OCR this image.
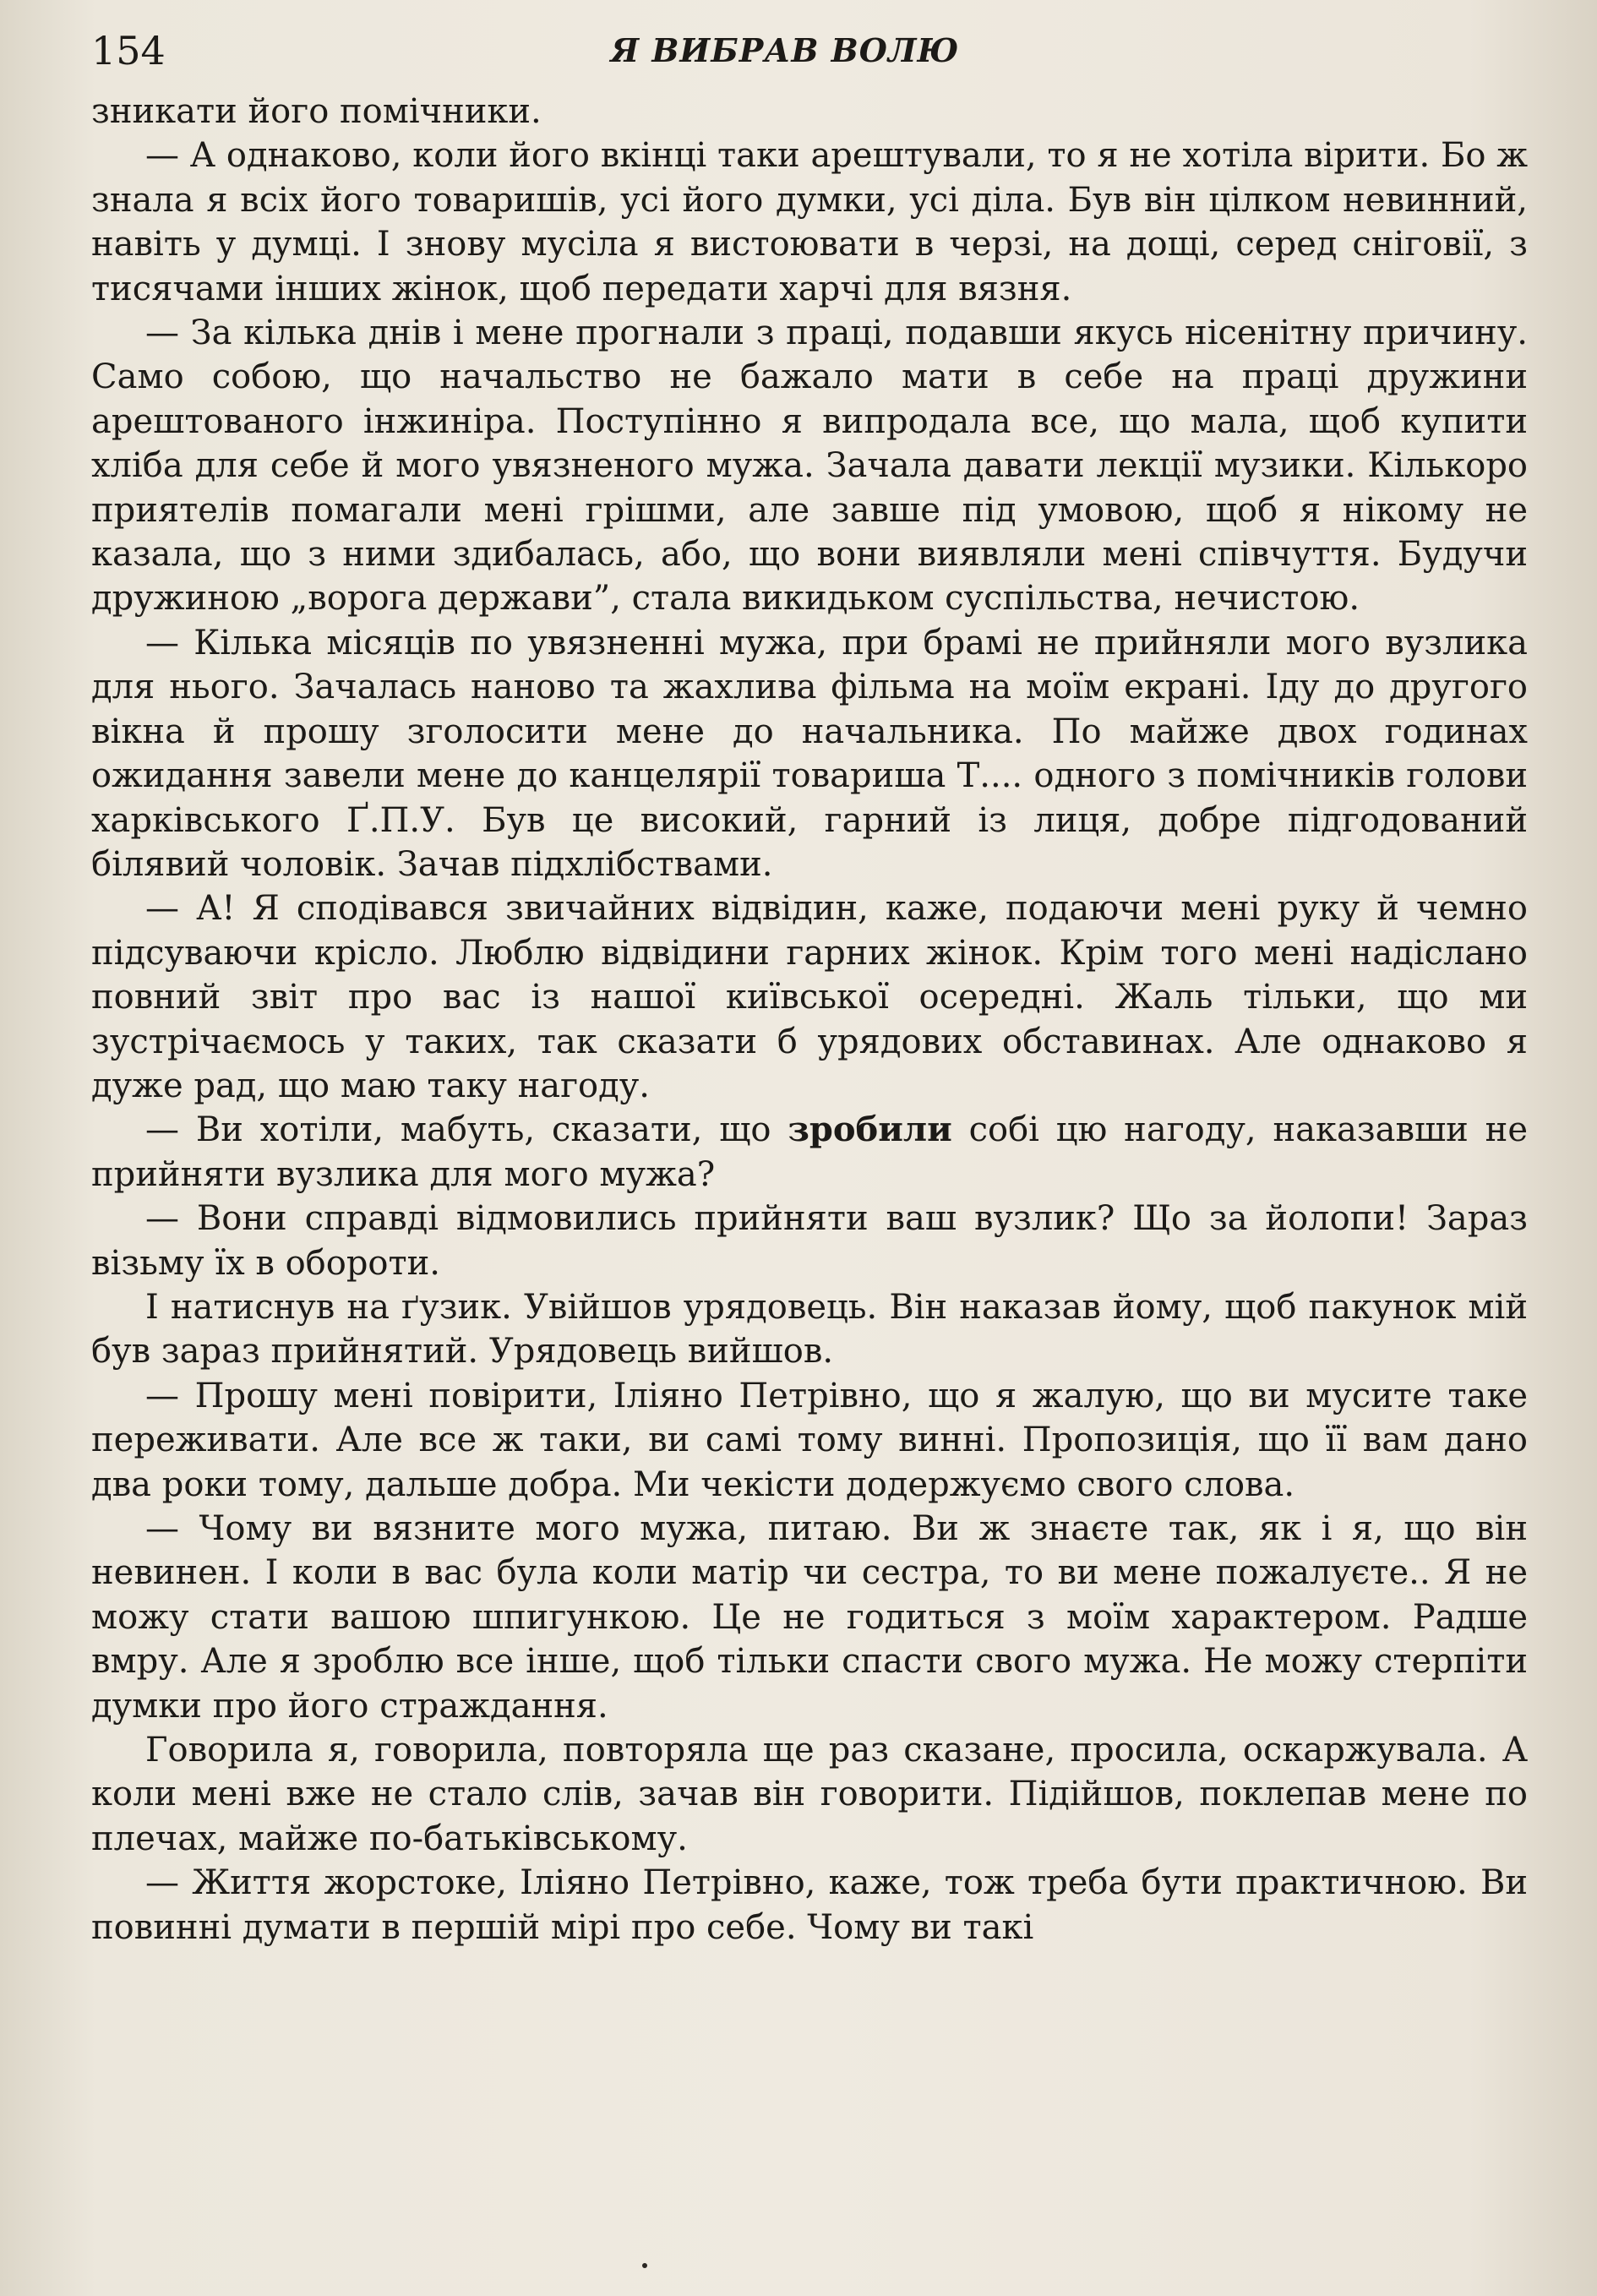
154	Я ВИБРАВ ВОЛЮ

зникати його помічники.

— А однаково, коли його вкінці таки арештували, то я не хотіла вірити. Бо ж знала я всіх його товаришів, усі його думки, усі діла. Був він цілком невинний, навіть у думці. І знову мусіла я вистоювати в черзі, на дощі, серед сніговії, з тисячами інших жінок, щоб передати харчі для вязня.

— За кілька днів і мене прогнали з праці, подавши якусь нісенітну причину. Само собою, що начальство не бажало мати в себе на праці дружини арештованого інжиніра. Поступінно я випродала все, що мала, щоб купити хліба для себе й мого увязненого мужа. Зачала давати лекції музики. Кількоро приятелів помагали мені грішми, але завше під умовою, щоб я нікому не казала, що з ними здибалась, або, що вони виявляли мені співчуття. Будучи дружиною „ворога держави”, стала викидьком суспільства, нечистою.

— Кілька місяців по увязненні мужа, при брамі не прийняли мого вузлика для нього. Зачалась наново та жахлива фільма на моїм екрані. Іду до другого вікна й прошу зголосити мене до начальника. По майже двох годинах ожидання завели мене до канцелярії товариша Т.... одного з помічників голови харківського Ґ.П.У. Був це високий, гарний із лиця, добре підгодований білявий чоловік. Зачав підхлібствами.

— А! Я сподівався звичайних відвідин, каже, подаючи мені руку й чемно підсуваючи крісло. Люблю відвідини гарних жінок. Крім того мені надіслано повний звіт про вас із нашої київської осередні. Жаль тільки, що ми зустрічаємось у таких, так сказати б урядових обставинах. Але однаково я дуже рад, що маю таку нагоду.

— Ви хотіли, мабуть, сказати, що зробили собі цю нагоду, наказавши не прийняти вузлика для мого мужа?

— Вони справді відмовились прийняти ваш вузлик? Що за йолопи! Зараз візьму їх в обороти.

І натиснув на ґузик. Увійшов урядовець. Він наказав йому, щоб пакунок мій був зараз прийнятий. Урядовець вийшов.

— Прошу мені повірити, Іліяно Петрівно, що я жалую, що ви мусите таке переживати. Але все ж таки, ви самі тому винні. Пропозиція, що її вам дано два роки тому, дальше добра. Ми чекісти додержуємо свого слова.

— Чому ви вязните мого мужа, питаю. Ви ж знаєте так, як і я, що він невинен. І коли в вас була коли матір чи сестра, то ви мене пожалуєте.. Я не можу стати вашою шпигункою. Це не годиться з моїм характером. Радше вмру. Але я зроблю все інше, щоб тільки спасти свого мужа. Не можу стерпіти думки про його страждання.

Говорила я, говорила, повторяла ще раз сказане, просила, оскаржувала. А коли мені вже не стало слів, зачав він говорити. Підійшов, поклепав мене по плечах, майже по-батьківському.

— Життя жорстоке, Іліяно Петрівно, каже, тож треба бути практичною. Ви повинні думати в першій мірі про себе. Чому ви такі
